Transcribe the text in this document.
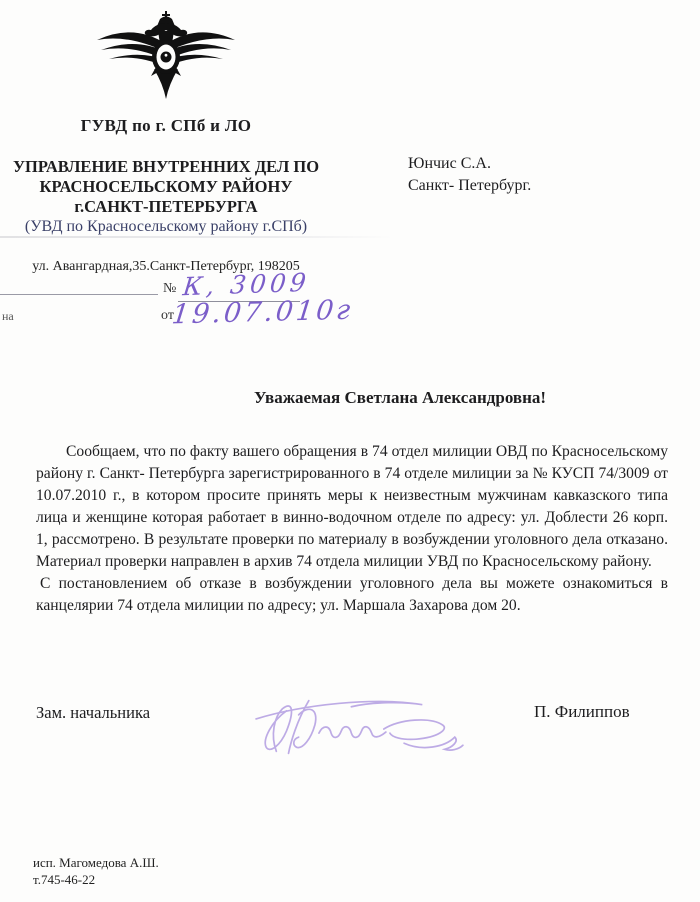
ГУВД по г. СПб и ЛО
УПРАВЛЕНИЕ ВНУТРЕННИХ ДЕЛ ПО
КРАСНОСЕЛЬСКОМУ РАЙОНУ
г.САНКТ-ПЕТЕРБУРГА
(УВД по Красносельскому району г.СПб)
ул. Авангардная,35.Санкт-Петербург, 198205
Юнчис С.А.
Санкт- Петербург.
№ К, 3009
на	от
19.07.010г
Уважаемая Светлана Александровна!

Сообщаем, что по факту вашего обращения в 74 отдел милиции ОВД по Красносельскому району г. Санкт- Петербурга зарегистрированного в 74 отделе милиции за № КУСП 74/3009 от 10.07.2010 г., в котором просите принять меры к неизвестным мужчинам кавказского типа лица и женщине которая работает в винно-водочном отделе по адресу: ул. Доблести 26 корп. 1, рассмотрено. В результате проверки по материалу в возбуждении уголовного дела отказано. Материал проверки направлен в архив 74 отдела милиции УВД по Красносельскому району.

С постановлением об отказе в возбуждении уголовного дела вы можете ознакомиться в канцелярии 74 отдела милиции по адресу; ул. Маршала Захарова дом 20.

Зам. начальника	П. Филиппов
исп. Магомедова А.Ш.
т.745-46-22
